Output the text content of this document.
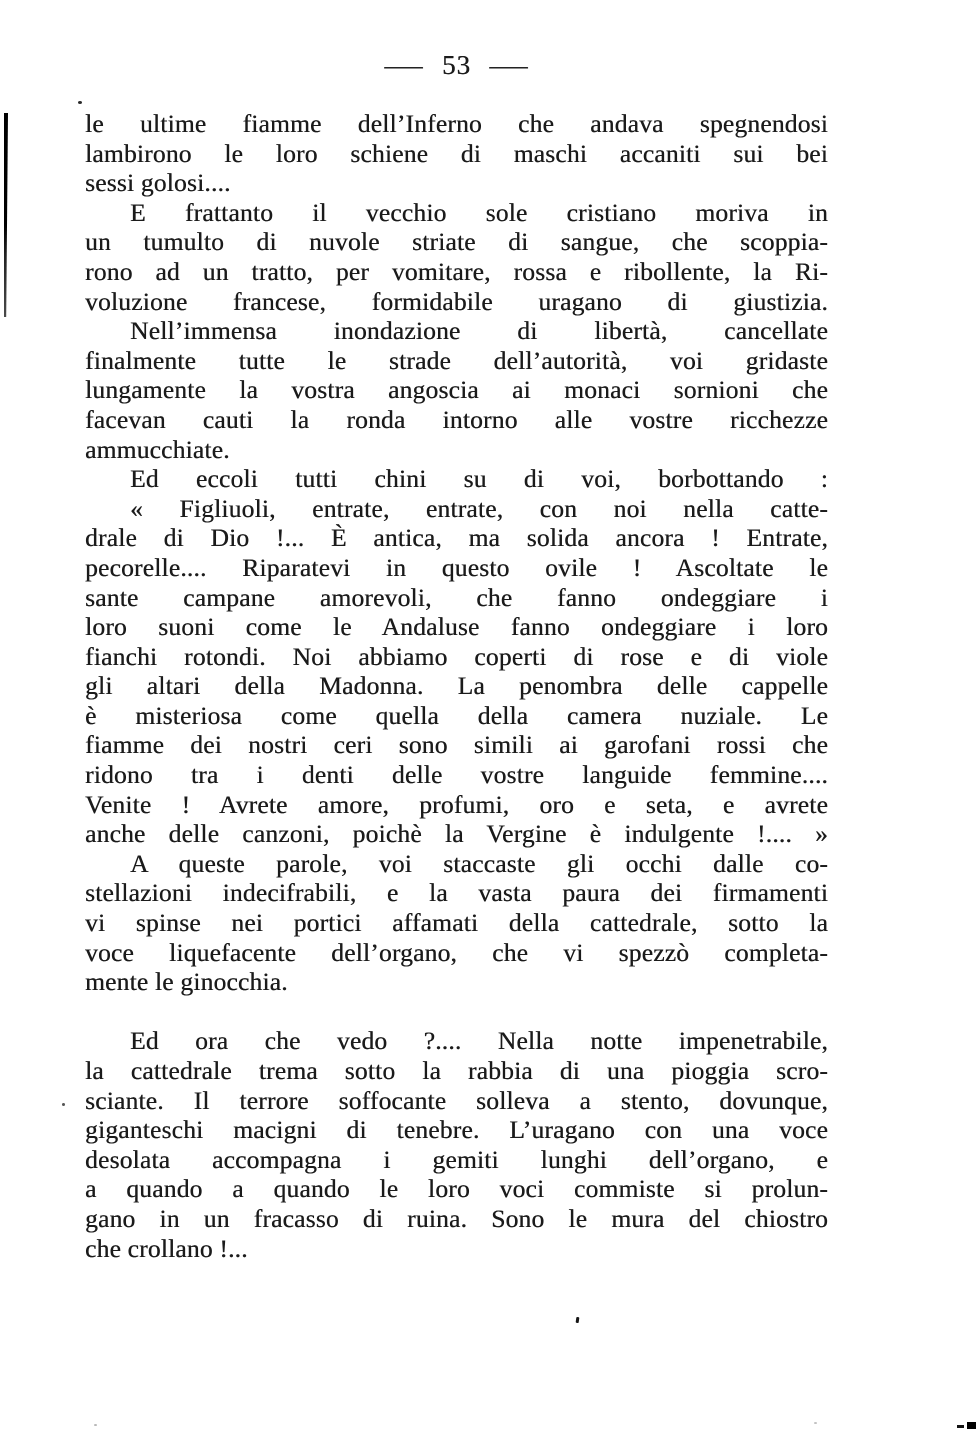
— 53 —
le ultime fiamme dell’Inferno che andava spegnendosi
lambirono le loro schiene di maschi accaniti sui bei
sessi golosi....
E frattanto il vecchio sole cristiano moriva in
un tumulto di nuvole striate di sangue, che scoppia-
rono ad un tratto, per vomitare, rossa e ribollente, la Ri-
voluzione francese, formidabile uragano di giustizia.
Nell’immensa inondazione di libertà, cancellate
finalmente tutte le strade dell’autorità, voi gridaste
lungamente la vostra angoscia ai monaci sornioni che
facevan cauti la ronda intorno alle vostre ricchezze
ammucchiate.
Ed eccoli tutti chini su di voi, borbottando :
« Figliuoli, entrate, entrate, con noi nella catte-
drale di Dio !... È antica, ma solida ancora ! Entrate,
pecorelle.... Riparatevi in questo ovile ! Ascoltate le
sante campane amorevoli, che fanno ondeggiare i
loro suoni come le Andaluse fanno ondeggiare i loro
fianchi rotondi. Noi abbiamo coperti di rose e di viole
gli altari della Madonna. La penombra delle cappelle
è misteriosa come quella della camera nuziale. Le
fiamme dei nostri ceri sono simili ai garofani rossi che
ridono tra i denti delle vostre languide femmine....
Venite ! Avrete amore, profumi, oro e seta, e avrete
anche delle canzoni, poichè la Vergine è indulgente !.... »
A queste parole, voi staccaste gli occhi dalle co-
stellazioni indecifrabili, e la vasta paura dei firmamenti
vi spinse nei portici affamati della cattedrale, sotto la
voce liquefacente dell’organo, che vi spezzò completa-
mente le ginocchia.
Ed ora che vedo ?.... Nella notte impenetrabile,
la cattedrale trema sotto la rabbia di una pioggia scro-
sciante. Il terrore soffocante solleva a stento, dovunque,
giganteschi macigni di tenebre. L’uragano con una voce
desolata accompagna i gemiti lunghi dell’organo, e
a quando a quando le loro voci commiste si prolun-
gano in un fracasso di ruina. Sono le mura del chiostro
che crollano !...
